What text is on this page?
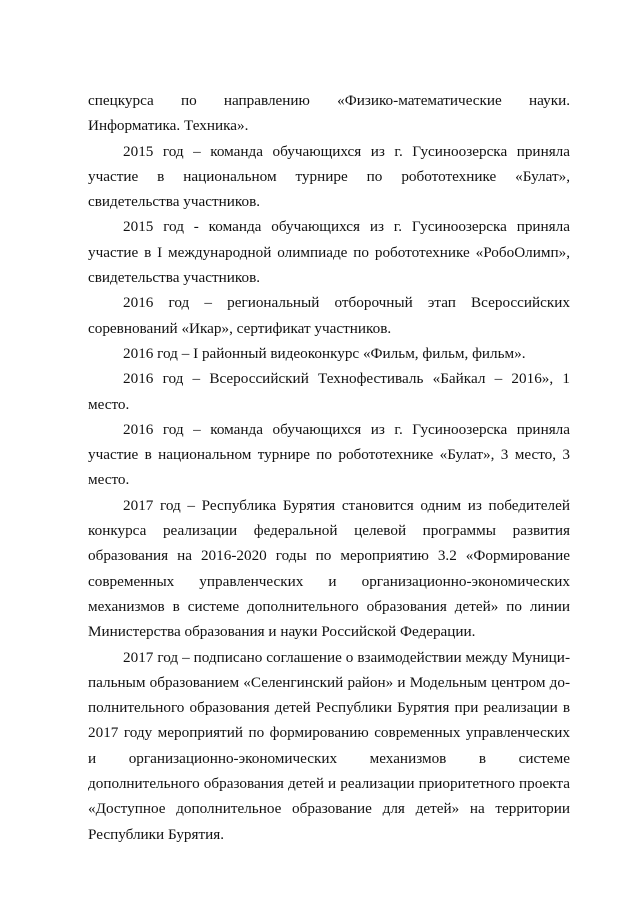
спецкурса по направлению «Физико-математические науки. Информатика. Техника».

2015 год – команда обучающихся из г. Гусиноозерска приняла участие в национальном турнире по робототехнике «Булат», свидетельства участников.

2015 год - команда обучающихся из г. Гусиноозерска приняла участие в I международной олимпиаде по робототехнике «РобоОлимп», свидетельства участников.

2016 год – региональный отборочный этап Всероссийских соревнований «Икар», сертификат участников.

2016 год – I районный видеоконкурс «Фильм, фильм, фильм».

2016 год – Всероссийский Технофестиваль «Байкал – 2016», 1 место.

2016 год – команда обучающихся из г. Гусиноозерска приняла участие в национальном турнире по робототехнике «Булат», 3 место, 3 место.

2017 год – Республика Бурятия становится одним из победителей конкурса реализации федеральной целевой программы развития образования на 2016-2020 годы по мероприятию 3.2 «Формирование современных управленческих и организационно-экономических механизмов в системе дополнительного образования детей» по линии Министерства образования и науки Российской Федерации.

2017 год – подписано соглашение о взаимодействии между Муниципальным образованием «Селенгинский район» и Модельным центром дополнительного образования детей Республики Бурятия при реализации в 2017 году мероприятий по формированию современных управленческих и организационно-экономических механизмов в системе дополнительного образования детей и реализации приоритетного проекта «Доступное дополнительное образование для детей» на территории Республики Бурятия.
